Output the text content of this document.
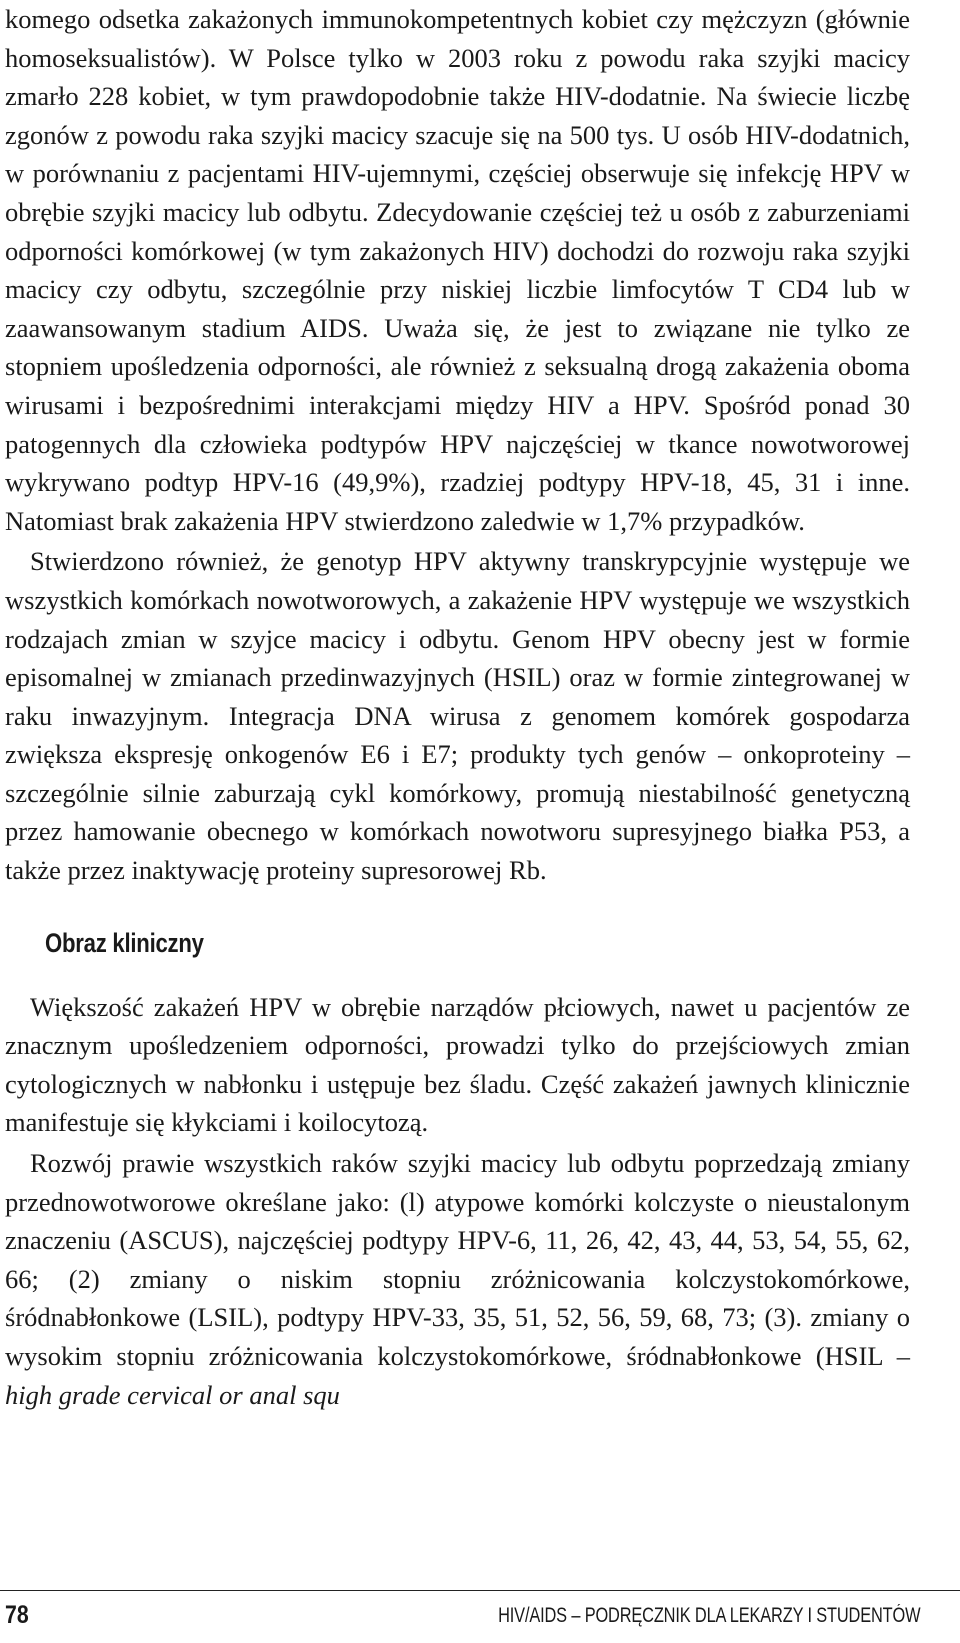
komego odsetka zakażonych immunokompetentnych kobiet czy mężczyzn (głównie homoseksualistów). W Polsce tylko w 2003 roku z powodu raka szyjki macicy zmarło 228 kobiet, w tym prawdopodobnie także HIV-dodatnie. Na świecie liczbę zgonów z powodu raka szyjki macicy szacuje się na 500 tys. U osób HIV-dodatnich, w porównaniu z pacjentami HIV-ujemnymi, częściej obserwuje się infekcję HPV w obrębie szyjki macicy lub odbytu. Zdecydowanie częściej też u osób z zaburzeniami odporności komórkowej (w tym zakażonych HIV) dochodzi do rozwoju raka szyjki macicy czy odbytu, szczególnie przy niskiej liczbie limfocytów T CD4 lub w zaawansowanym stadium AIDS. Uważa się, że jest to związane nie tylko ze stopniem upośledzenia odporności, ale również z seksualną drogą zakażenia oboma wirusami i bezpośrednimi interakcjami między HIV a HPV. Spośród ponad 30 patogennych dla człowieka podtypów HPV najczęściej w tkance nowotworowej wykrywano podtyp HPV-16 (49,9%), rzadziej podtypy HPV-18, 45, 31 i inne. Natomiast brak zakażenia HPV stwierdzono zaledwie w 1,7% przypadków.

Stwierdzono również, że genotyp HPV aktywny transkrypcyjnie występuje we wszystkich komórkach nowotworowych, a zakażenie HPV występuje we wszystkich rodzajach zmian w szyjce macicy i odbytu. Genom HPV obecny jest w formie episomalnej w zmianach przedinwazyjnych (HSIL) oraz w formie zintegrowanej w raku inwazyjnym. Integracja DNA wirusa z genomem komórek gospodarza zwiększa ekspresję onkogenów E6 i E7; produkty tych genów – onkoproteiny – szczególnie silnie zaburzają cykl komórkowy, promują niestabilność genetyczną przez hamowanie obecnego w komórkach nowotworu supresyjnego białka P53, a także przez inaktywację proteiny supresorowej Rb.

Obraz kliniczny

Większość zakażeń HPV w obrębie narządów płciowych, nawet u pacjentów ze znacznym upośledzeniem odporności, prowadzi tylko do przejściowych zmian cytologicznych w nabłonku i ustępuje bez śladu. Część zakażeń jawnych klinicznie manifestuje się kłykciami i koilocytozą.

Rozwój prawie wszystkich raków szyjki macicy lub odbytu poprzedzają zmiany przednowotworowe określane jako: (l) atypowe komórki kolczyste o nieustalonym znaczeniu (ASCUS), najczęściej podtypy HPV-6, 11, 26, 42, 43, 44, 53, 54, 55, 62, 66; (2) zmiany o niskim stopniu zróżnicowania kolczystokomórkowe, śródnabłonkowe (LSIL), podtypy HPV-33, 35, 51, 52, 56, 59, 68, 73; (3). zmiany o wysokim stopniu zróżnicowania kolczystokomórkowe, śródnabłonkowe (HSIL – high grade cervical or anal squ

78	HIV/AIDS – PODRĘCZNIK DLA LEKARZY I STUDENTÓW
